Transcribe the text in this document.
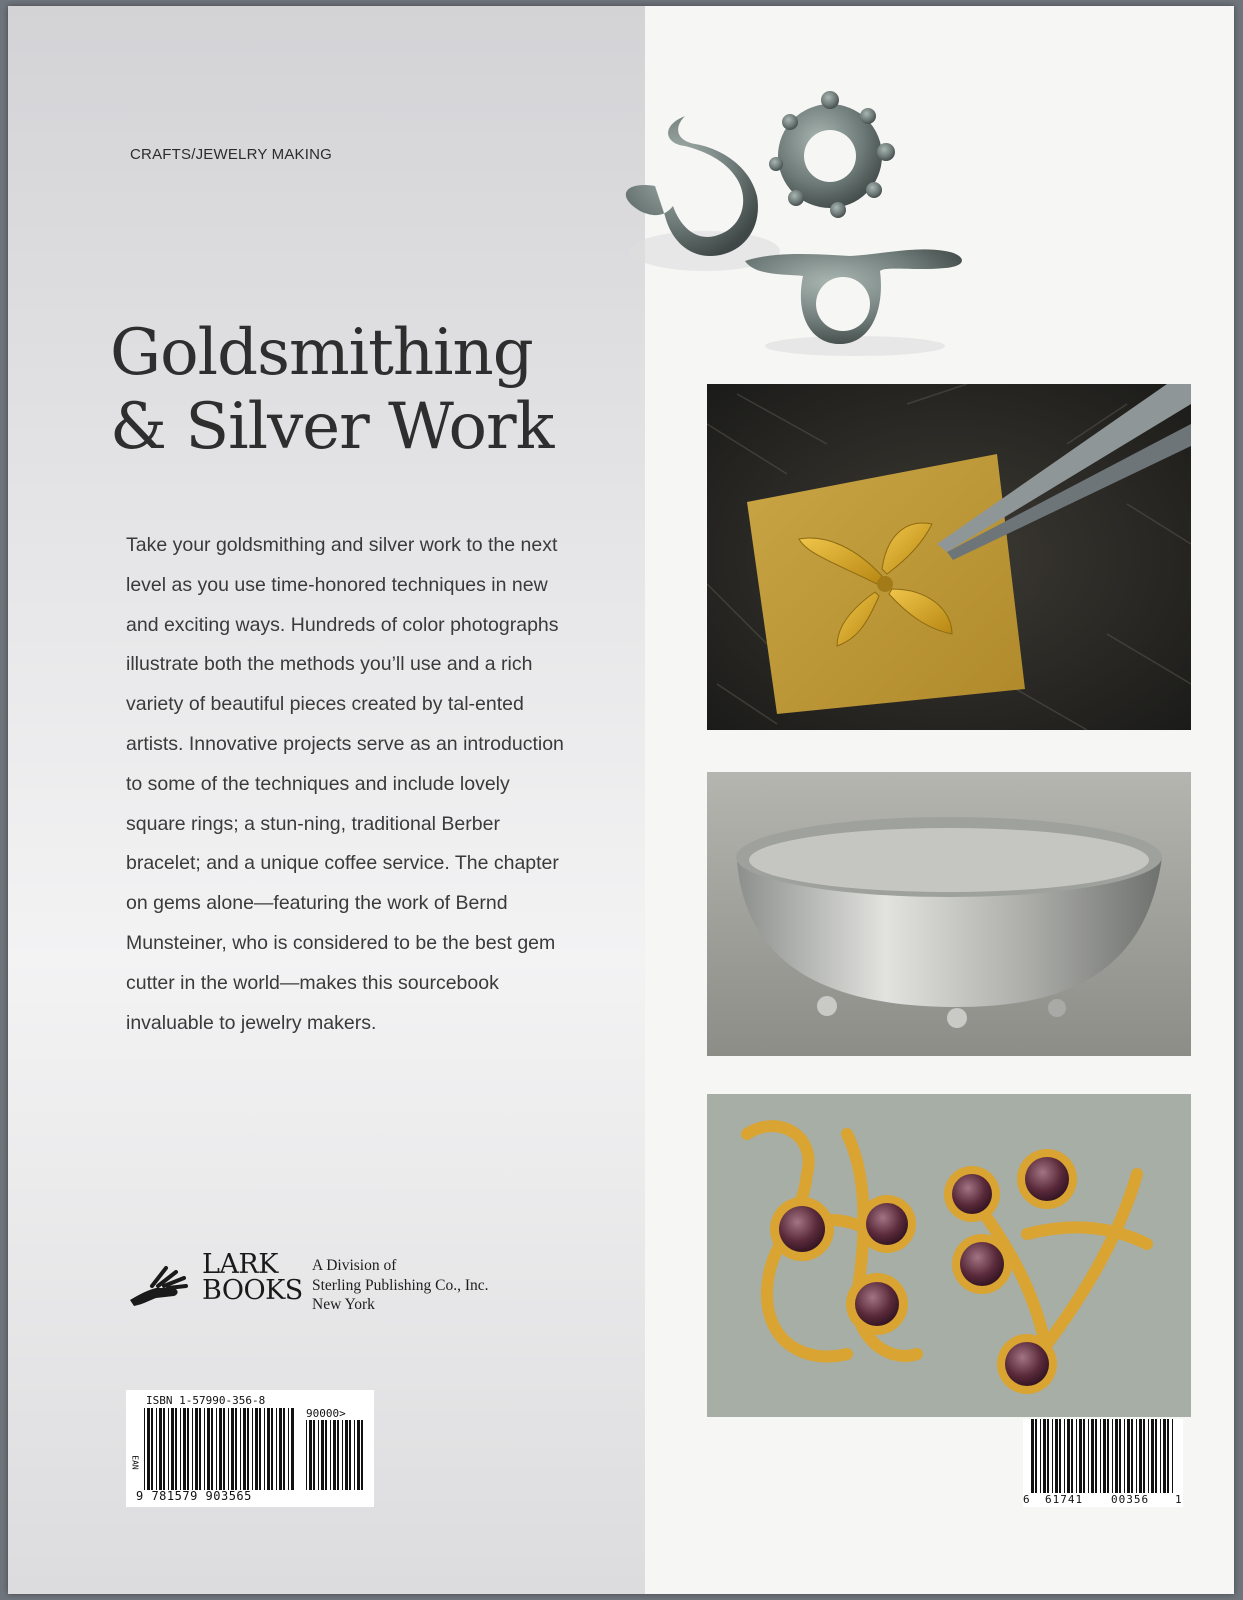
CRAFTS/JEWELRY MAKING
Goldsmithing
& Silver Work

Take your goldsmithing and silver work to the next level as you use time-honored techniques in new and exciting ways. Hundreds of color photographs illustrate both the methods you’ll use and a rich variety of beautiful pieces created by tal-ented artists. Innovative projects serve as an introduction to some of the techniques and include lovely square rings; a stun-ning, traditional Berber bracelet; and a unique coffee service. The chapter on gems alone—featuring the work of Bernd Munsteiner, who is considered to be the best gem cutter in the world—makes this sourcebook invaluable to jewelry makers.

LARK
BOOKS
A Division of
Sterling Publishing Co., Inc.
New York
ISBN 1-57990-356-8
90000>
EAN
9 781579 903565	6 61741	00356 1
